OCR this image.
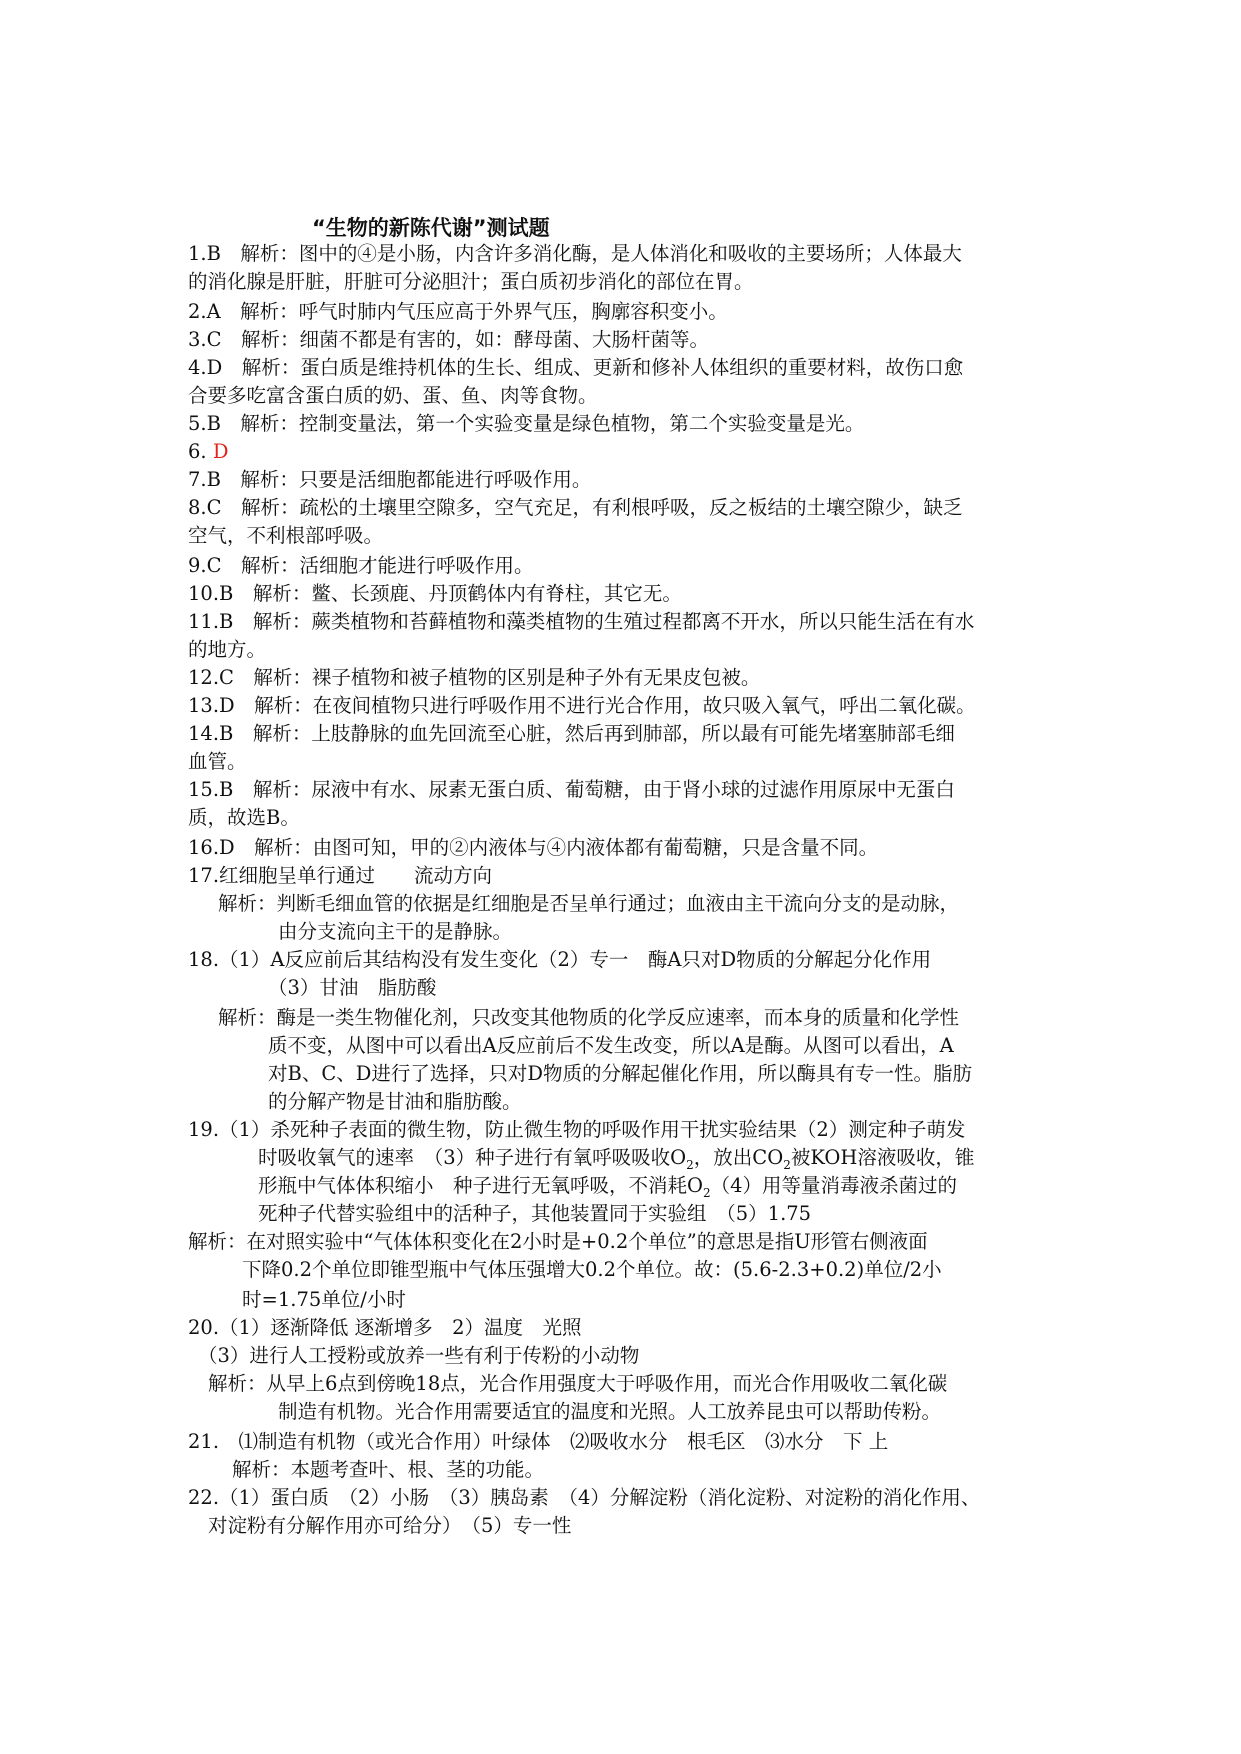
“生物的新陈代谢”测试题
1.B　解析：图中的④是小肠，内含许多消化酶，是人体消化和吸收的主要场所；人体最大
的消化腺是肝脏，肝脏可分泌胆汁；蛋白质初步消化的部位在胃。
2.A　解析：呼气时肺内气压应高于外界气压，胸廓容积变小。
3.C　解析：细菌不都是有害的，如：酵母菌、大肠杆菌等。
4.D　解析：蛋白质是维持机体的生长、组成、更新和修补人体组织的重要材料，故伤口愈
合要多吃富含蛋白质的奶、蛋、鱼、肉等食物。
5.B　解析：控制变量法，第一个实验变量是绿色植物，第二个实验变量是光。
6. D
7.B　解析：只要是活细胞都能进行呼吸作用。
8.C　解析：疏松的土壤里空隙多，空气充足，有利根呼吸，反之板结的土壤空隙少，缺乏
空气，不利根部呼吸。
9.C　解析：活细胞才能进行呼吸作用。
10.B　解析：鳖、长颈鹿、丹顶鹤体内有脊柱，其它无。
11.B　解析：蕨类植物和苔藓植物和藻类植物的生殖过程都离不开水，所以只能生活在有水
的地方。
12.C　解析：裸子植物和被子植物的区别是种子外有无果皮包被。
13.D　解析：在夜间植物只进行呼吸作用不进行光合作用，故只吸入氧气，呼出二氧化碳。
14.B　解析：上肢静脉的血先回流至心脏，然后再到肺部，所以最有可能先堵塞肺部毛细
血管。
15.B　解析：尿液中有水、尿素无蛋白质、葡萄糖，由于肾小球的过滤作用原尿中无蛋白
质，故选B。
16.D　解析：由图可知，甲的②内液体与④内液体都有葡萄糖，只是含量不同。
17.红细胞呈单行通过　　流动方向
解析：判断毛细血管的依据是红细胞是否呈单行通过；血液由主干流向分支的是动脉，
由分支流向主干的是静脉。
18.（1）A反应前后其结构没有发生变化（2）专一　酶A只对D物质的分解起分化作用
（3）甘油　脂肪酸
解析：酶是一类生物催化剂，只改变其他物质的化学反应速率，而本身的质量和化学性
质不变，从图中可以看出A反应前后不发生改变，所以A是酶。从图可以看出，A
对B、C、D进行了选择，只对D物质的分解起催化作用，所以酶具有专一性。脂肪
的分解产物是甘油和脂肪酸。
19.（1）杀死种子表面的微生物，防止微生物的呼吸作用干扰实验结果（2）测定种子萌发
时吸收氧气的速率　（3）种子进行有氧呼吸吸收$O_2$，放出$CO_2$被KOH溶液吸收，锥
形瓶中气体体积缩小　种子进行无氧呼吸，不消耗$O_2(4)$用等量消毒液杀菌过的
死种子代替实验组中的活种子，其他装置同于实验组　（5）1.75
解析：在对照实验中“气体体积变化在2小时是+0.2个单位”的意思是指U形管右侧液面
下降0.2个单位即锥型瓶中气体压强增大0.2个单位。故：(5.6-2.3+0.2)单位/2小
时=1.75单位/小时
20.（1）逐渐降低 逐渐增多　2）温度　光照
（3）进行人工授粉或放养一些有利于传粉的小动物
解析：从早上6点到傍晚18点，光合作用强度大于呼吸作用，而光合作用吸收二氧化碳
制造有机物。光合作用需要适宜的温度和光照。人工放养昆虫可以帮助传粉。
21.　⑴制造有机物（或光合作用）叶绿体　⑵吸收水分　根毛区　⑶水分　下 上
解析：本题考查叶、根、茎的功能。
22.（1）蛋白质　（2）小肠　（3）胰岛素　（4）分解淀粉（消化淀粉、对淀粉的消化作用、
对淀粉有分解作用亦可给分）　（5）专一性
